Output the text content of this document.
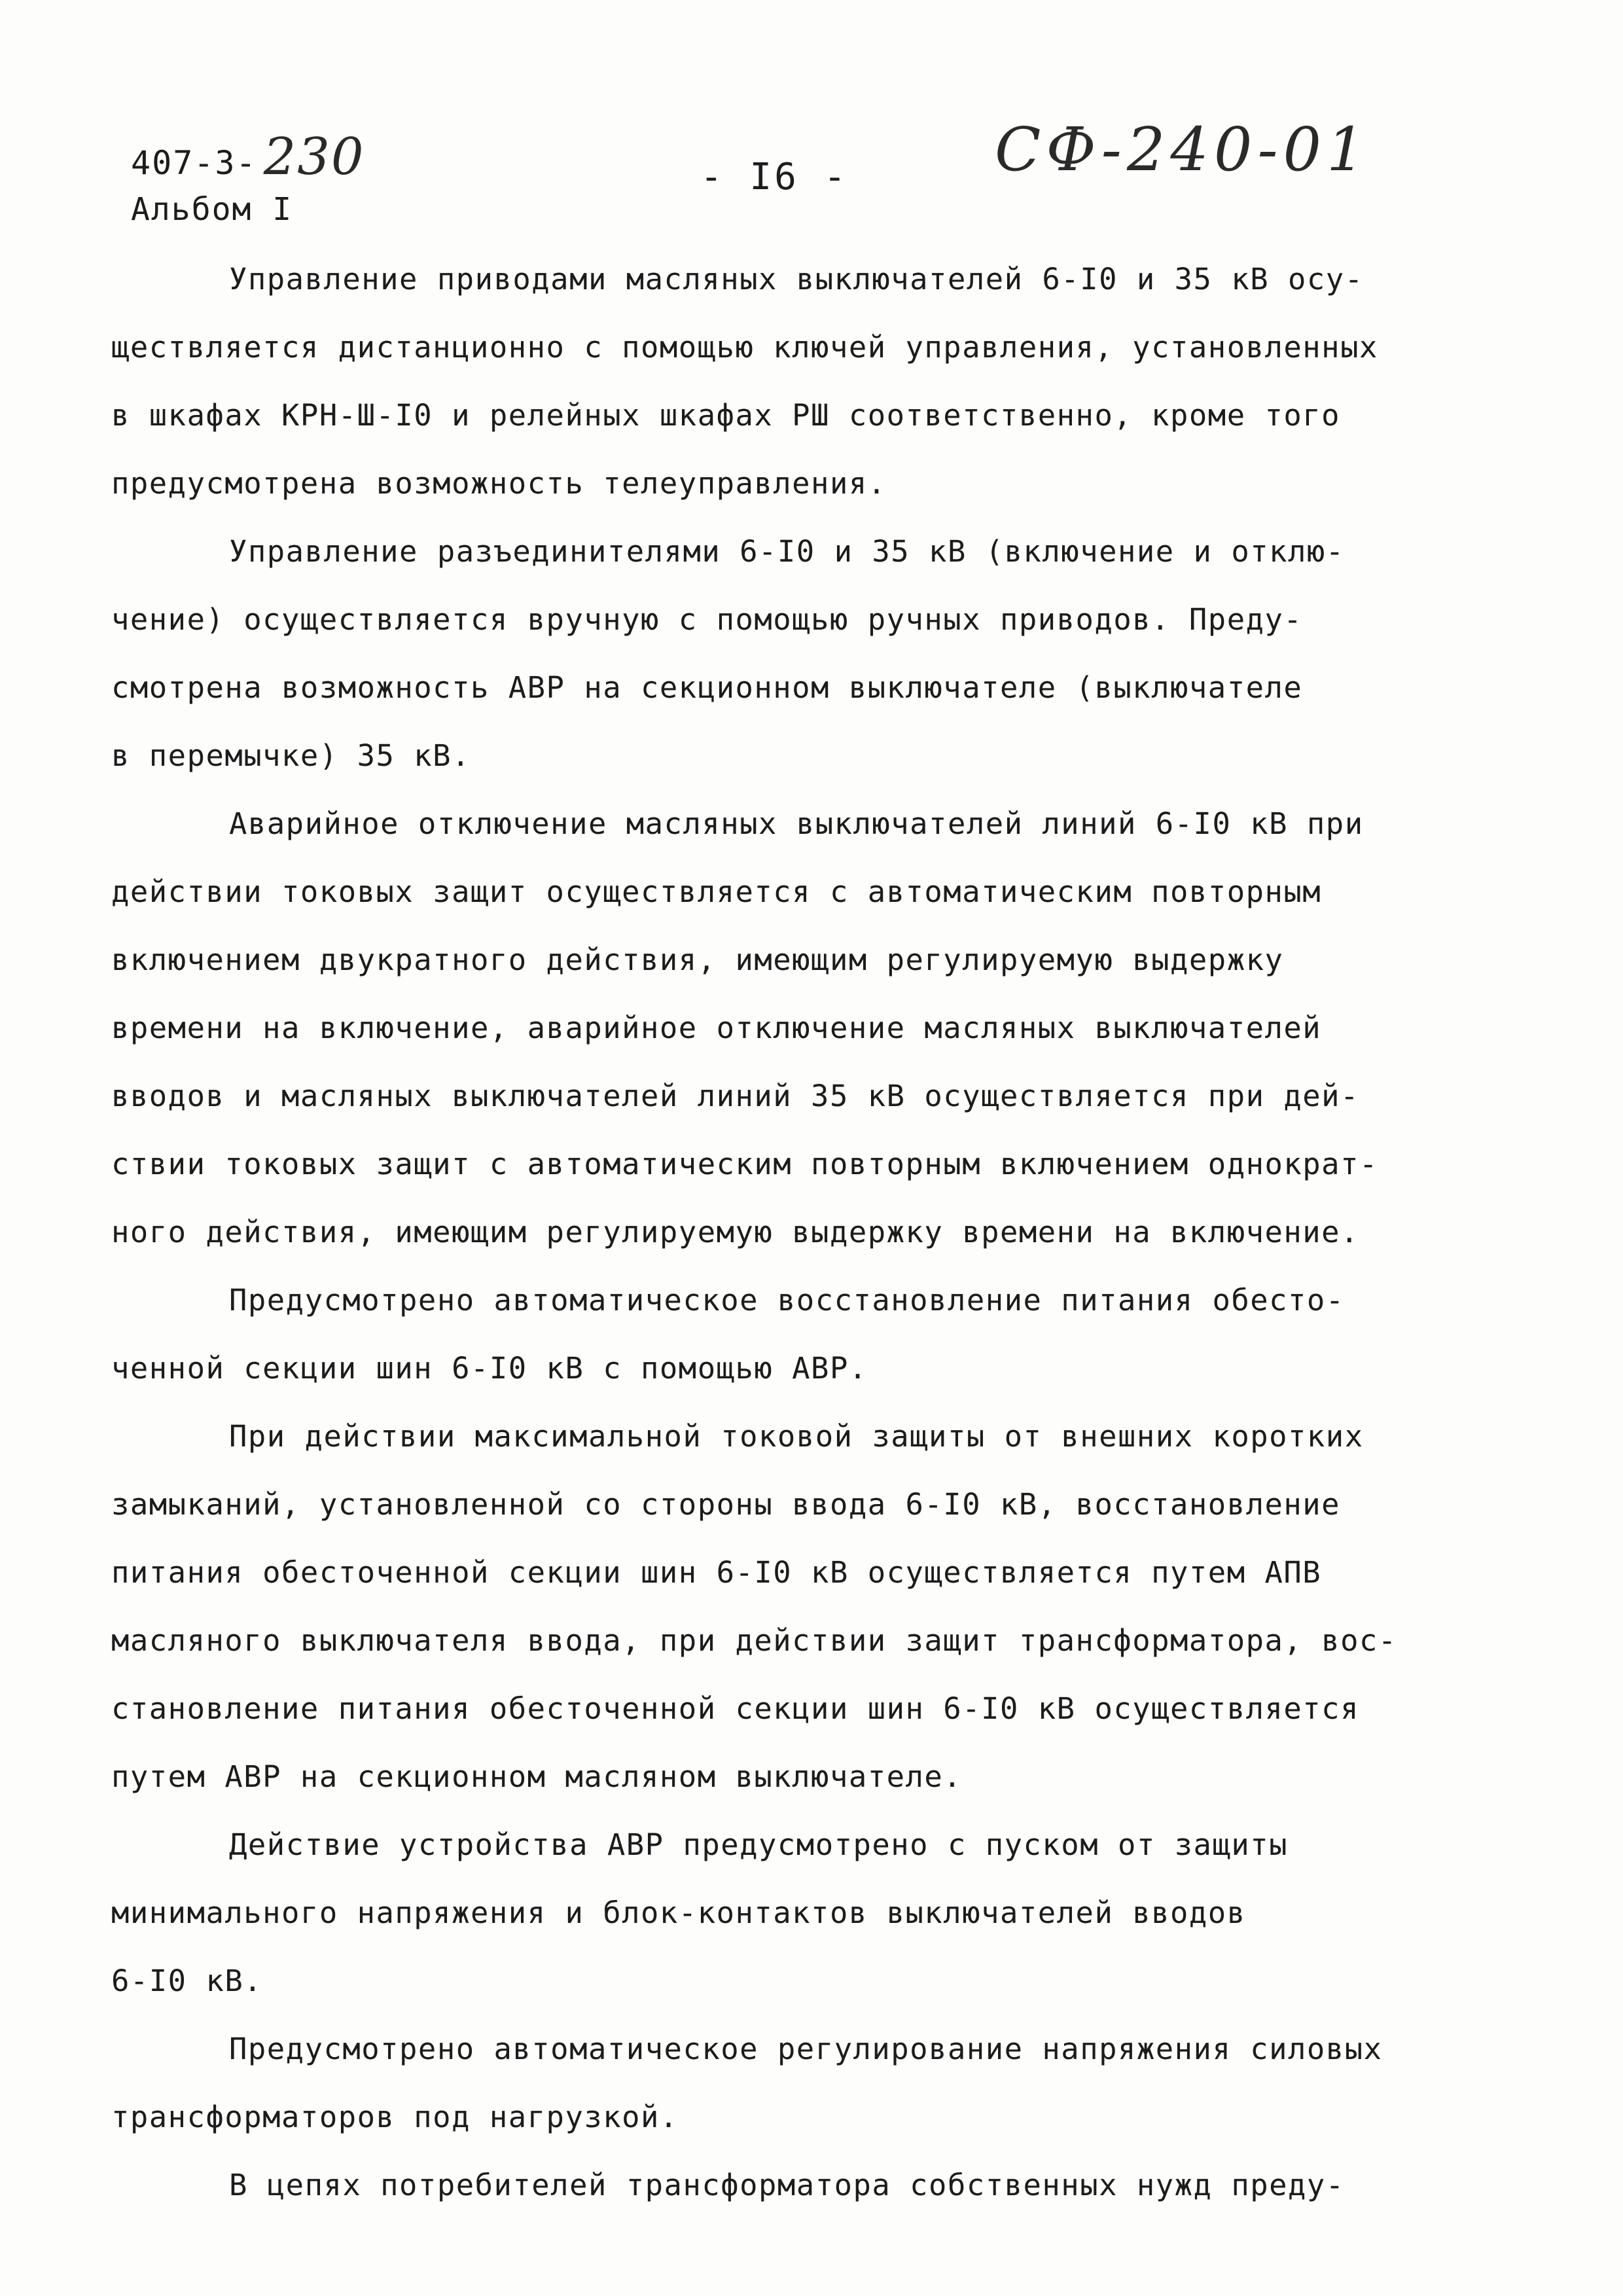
407-3- 230
Альбом I
- I6 - СФ-240-01
Управление приводами масляных выключателей 6-I0 и 35 кВ осу-
ществляется дистанционно с помощью ключей управления, установленных
в шкафах КРН-Ш-I0 и релейных шкафах РШ соответственно, кроме того
предусмотрена возможность телеуправления.
Управление разъединителями 6-I0 и 35 кВ (включение и отклю-
чение) осуществляется вручную с помощью ручных приводов. Преду-
смотрена возможность АВР на секционном выключателе (выключателе
в перемычке) 35 кВ.
Аварийное отключение масляных выключателей линий 6-I0 кВ при
действии токовых защит осуществляется с автоматическим повторным
включением двукратного действия, имеющим регулируемую выдержку
времени на включение, аварийное отключение масляных выключателей
вводов и масляных выключателей линий 35 кВ осуществляется при дей-
ствии токовых защит с автоматическим повторным включением однократ-
ного действия, имеющим регулируемую выдержку времени на включение.
Предусмотрено автоматическое восстановление питания обесто-
ченной секции шин 6-I0 кВ с помощью АВР.
При действии максимальной токовой защиты от внешних коротких
замыканий, установленной со стороны ввода 6-I0 кВ, восстановление
питания обесточенной секции шин 6-I0 кВ осуществляется путем АПВ
масляного выключателя ввода, при действии защит трансформатора, вос-
становление питания обесточенной секции шин 6-I0 кВ осуществляется
путем АВР на секционном масляном выключателе.
Действие устройства АВР предусмотрено с пуском от защиты
минимального напряжения и блок-контактов выключателей вводов
6-I0 кВ.
Предусмотрено автоматическое регулирование напряжения силовых
трансформаторов под нагрузкой.
В цепях потребителей трансформатора собственных нужд преду-
